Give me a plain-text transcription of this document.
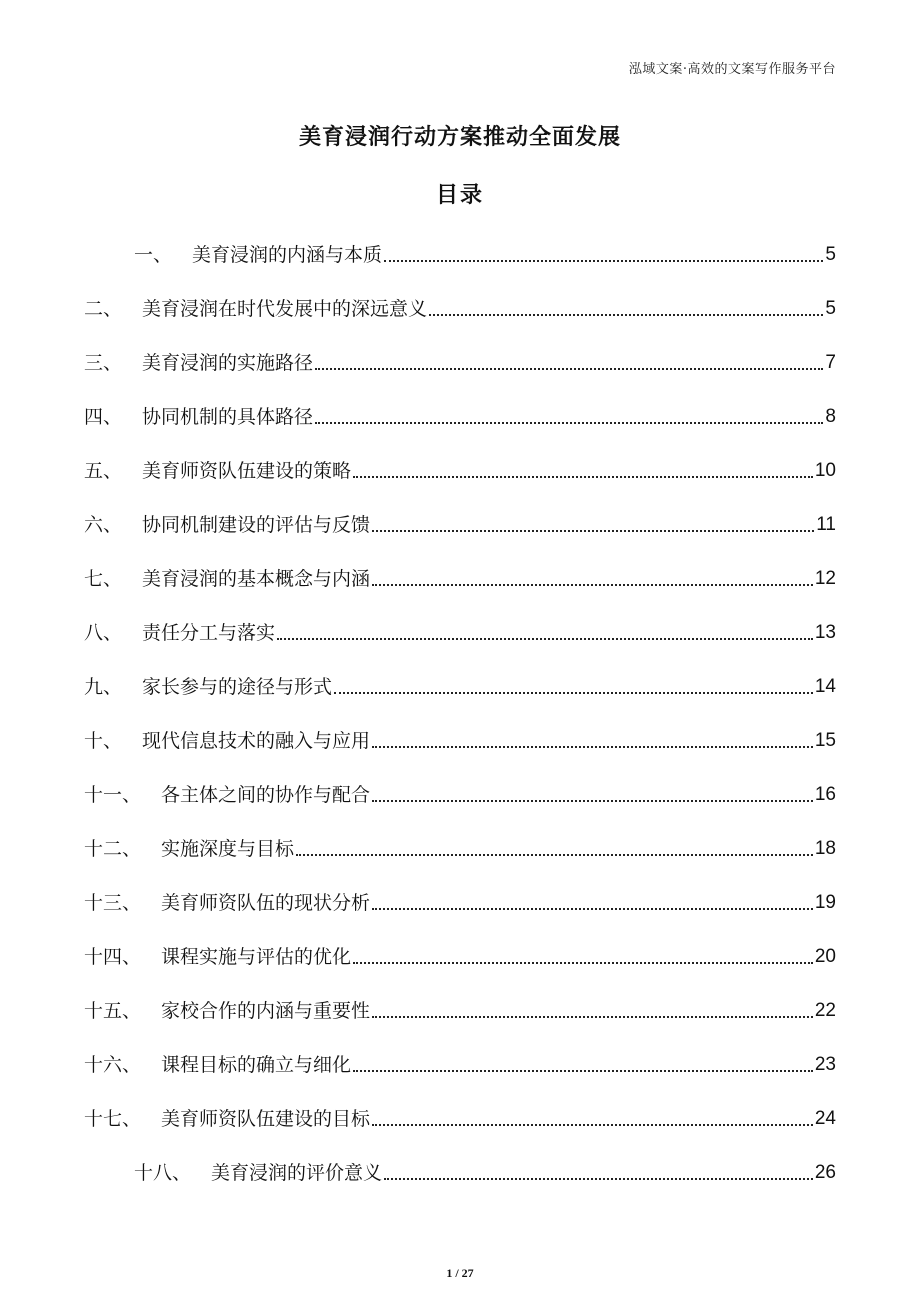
泓域文案·高效的文案写作服务平台
美育浸润行动方案推动全面发展
目录
一、 美育浸润的内涵与本质	5
二、 美育浸润在时代发展中的深远意义	5
三、 美育浸润的实施路径	7
四、 协同机制的具体路径	8
五、 美育师资队伍建设的策略	10
六、 协同机制建设的评估与反馈	11
七、 美育浸润的基本概念与内涵	12
八、 责任分工与落实	13
九、 家长参与的途径与形式	14
十、 现代信息技术的融入与应用	15
十一、 各主体之间的协作与配合	16
十二、 实施深度与目标	18
十三、 美育师资队伍的现状分析	19
十四、 课程实施与评估的优化	20
十五、 家校合作的内涵与重要性	22
十六、 课程目标的确立与细化	23
十七、 美育师资队伍建设的目标	24
十八、 美育浸润的评价意义	26
1 / 27
